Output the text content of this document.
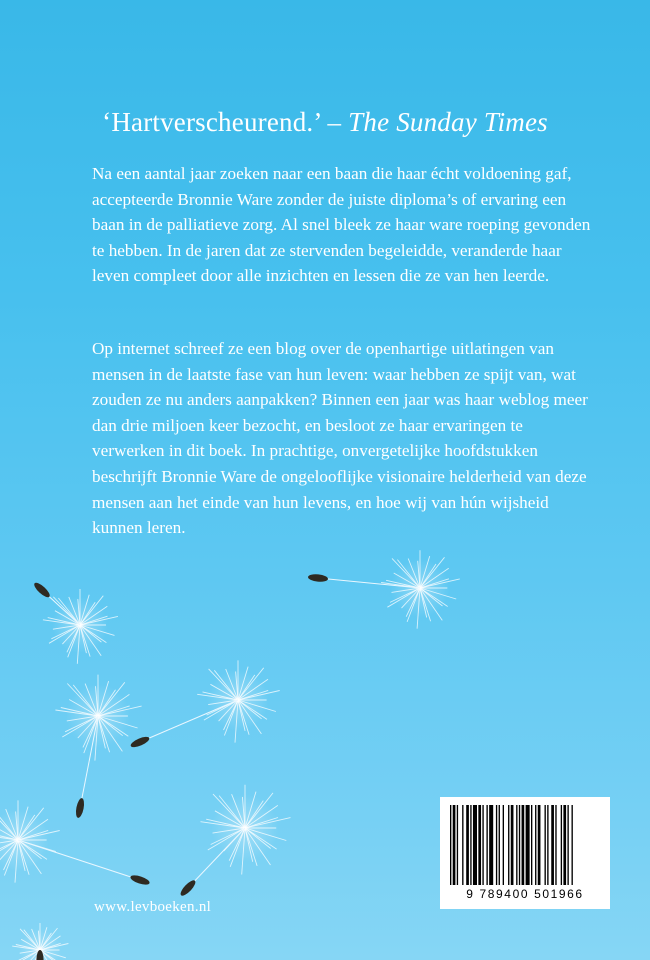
‘Hartverscheurend.’ – The Sunday Times

Na een aantal jaar zoeken naar een baan die haar écht voldoening gaf, accepteerde Bronnie Ware zonder de juiste diploma’s of ervaring een baan in de palliatieve zorg. Al snel bleek ze haar ware roeping gevonden te hebben. In de jaren dat ze stervenden begeleidde, veranderde haar leven compleet door alle inzichten en lessen die ze van hen leerde.

Op internet schreef ze een blog over de openhartige uitlatingen van mensen in de laatste fase van hun leven: waar hebben ze spijt van, wat zouden ze nu anders aanpakken? Binnen een jaar was haar weblog meer dan drie miljoen keer bezocht, en besloot ze haar ervaringen te verwerken in dit boek. In prachtige, onvergetelijke hoofdstukken beschrijft Bronnie Ware de ongelooflijke visionaire helderheid van deze mensen aan het einde van hun levens, en hoe wij van hún wijsheid kunnen leren.

www.levboeken.nl
9 789400 501966
